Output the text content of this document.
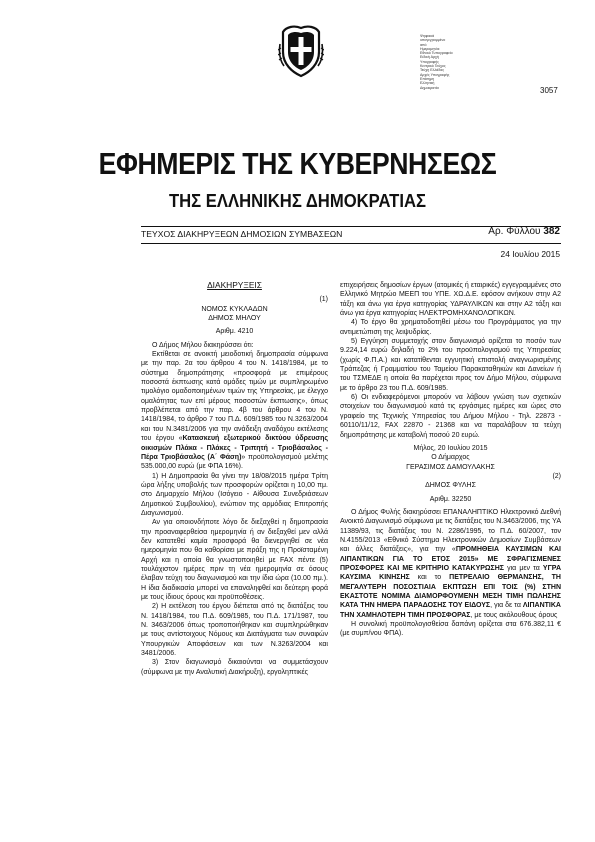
Ψηφιακά
υπογεγραμμένο
από
Ημερομηνία:
Εθνικό Τυπογραφείο
Ειδική Αρχή
Υπογραφής
Κεντρικό Τεύχος
Τεύχη Ελλάδας
Αρχές Υπογραφής
Επίσημη
Ελληνική
Δημοκρατία	3057
ΕΦΗΜΕΡΙΣ ΤΗΣ ΚΥΒΕΡΝΗΣΕΩΣ
ΤΗΣ ΕΛΛΗΝΙΚΗΣ ΔΗΜΟΚΡΑΤΙΑΣ
ΤΕΥΧΟΣ ΔΙΑΚΗΡΥΞΕΩΝ ΔΗΜΟΣΙΩΝ ΣΥΜΒΑΣΕΩΝ	Αρ. Φύλλου 382
24 Ιουλίου 2015

ΔΙΑΚΗΡΥΞΕΙΣ

(1)

ΝΟΜΟΣ ΚΥΚΛΑΔΩΝ

ΔΗΜΟΣ ΜΗΛΟΥ

Αριθμ. 4210

Ο Δήμος Μήλου διακηρύσσει ότι:

Εκτίθεται σε ανοικτή μειοδοτική δημοπρασία σύμφωνα με την παρ. 2α του άρθρου 4 του Ν. 1418/1984, με το σύστημα δημοπράτησης «προσφορά με επιμέρους ποσοστά έκπτωσης κατά ομάδες τιμών με συμπληρωμένο τιμολόγιο ομαδοποιημένων τιμών της Υπηρεσίας, με έλεγχο ομαλότητας των επί μέρους ποσοστών έκπτωσης», όπως προβλέπεται από την παρ. 4β του άρθρου 4 του Ν. 1418/1984, το άρθρο 7 του Π.Δ. 609/1985 του Ν.3263/2004 και του Ν.3481/2006 για την ανάδειξη αναδόχου εκτέλεσης του έργου «Κατασκευή εξωτερικού δικτύου ύδρευσης οικισμών Πλάκα - Πλάκες - Τριπητή - Τριοβάσαλος - Πέρα Τριοβάσαλος (Α΄ Φάση)» προϋπολογισμού μελέτης 535.000,00 ευρώ (με ΦΠΑ 16%).

1) Η Δημοπρασία θα γίνει την 18/08/2015 ημέρα Τρίτη ώρα λήξης υποβολής των προσφορών ορίζεται η 10,00 πμ. στο Δημαρχείο Μήλου (Ισόγειο - Αίθουσα Συνεδριάσεων Δημοτικού Συμβουλίου), ενώπιον της αρμόδιας Επιτροπής Διαγωνισμού.

Αν για οποιονδήποτε λόγο δε διεξαχθεί η δημοπρασία την προαναφερθείσα ημερομηνία ή αν διεξαχθεί μεν αλλά δεν κατατεθεί καμία προσφορά θα διενεργηθεί σε νέα ημερομηνία που θα καθορίσει με πράξη της η Προϊσταμένη Αρχή και η οποία θα γνωστοποιηθεί με FAX πέντε (5) τουλάχιστον ημέρες πριν τη νέα ημερομηνία σε όσους έλαβαν τεύχη του διαγωνισμού και την ίδια ώρα (10.00 πμ.). Η ίδια διαδικασία μπορεί να επαναληφθεί και δεύτερη φορά με τους ίδιους όρους και προϋποθέσεις.

2) Η εκτέλεση του έργου διέπεται από τις διατάξεις του Ν. 1418/1984, του Π.Δ. 609/1985, του Π.Δ. 171/1987, του Ν. 3463/2006 όπως τροποποιήθηκαν και συμπληρώθηκαν με τους αντίστοιχους Νόμους και Διατάγματα των συναφών Υπουργικών Αποφάσεων και των Ν.3263/2004 και 3481/2006.

3) Στον διαγωνισμό δικαιούνται να συμμετάσχουν (σύμφωνα με την Αναλυτική Διακήρυξη), εργοληπτικές

επιχειρήσεις δημοσίων έργων (ατομικές ή εταιρικές) εγγεγραμμένες στο Ελληνικό Μητρώο ΜΕΕΠ του ΥΠΕ. ΧΩ.Δ.Ε. εφόσον ανήκουν στην Α2 τάξη και άνω για έργα κατηγορίας ΥΔΡΑΥΛΙΚΩΝ και στην Α2 τάξη και άνω για έργα κατηγορίας ΗΛΕΚΤΡΟΜΗΧΑΝΟΛΟΓΙΚΩΝ.

4) Το έργο θα χρηματοδοτηθεί μέσω του Προγράμματος για την αντιμετώπιση της λειψυδρίας.

5) Εγγύηση συμμετοχής στον διαγωνισμό ορίζεται το ποσόν των 9.224,14 ευρώ δηλαδή το 2% του προϋπολογισμού της Υπηρεσίας (χωρίς Φ.Π.Α.) και κατατίθενται εγγυητική επιστολή αναγνωρισμένης Τράπεζας ή Γραμματίου του Ταμείου Παρακαταθηκών και Δανείων ή του ΤΣΜΕΔΕ η οποία θα παρέχεται προς τον Δήμο Μήλου, σύμφωνα με το άρθρο 23 του Π.Δ. 609/1985.

6) Οι ενδιαφερόμενοι μπορούν να λάβουν γνώση των σχετικών στοιχείων του διαγωνισμού κατά τις εργάσιμες ημέρες και ώρες στο γραφείο της Τεχνικής Υπηρεσίας του Δήμου Μήλου - Τηλ. 22873 - 60110/11/12, FAX 22870 - 21368 και να παραλάβουν τα τεύχη δημοπράτησης με καταβολή ποσού 20 ευρώ.

Μήλος, 20 Ιουλίου 2015

Ο Δήμαρχος

ΓΕΡΑΣΙΜΟΣ ΔΑΜΟΥΛΑΚΗΣ

(2)

ΔΗΜΟΣ ΦΥΛΗΣ

Αριθμ. 32250

Ο Δήμος Φυλής διακηρύσσει ΕΠΑΝΑΛΗΠΤΙΚΟ Ηλεκτρονικό Διεθνή Ανοικτό Διαγωνισμό σύμφωνα με τις διατάξεις του Ν.3463/2006, της ΥΑ 11389/93, τις διατάξεις του Ν. 2286/1995, το Π.Δ. 60/2007, τον Ν.4155/2013 «Εθνικό Σύστημα Ηλεκτρονικών Δημοσίων Συμβάσεων και άλλες διατάξεις», για την «ΠΡΟΜΗΘΕΙΑ ΚΑΥΣΙΜΩΝ ΚΑΙ ΛΙΠΑΝΤΙΚΩΝ ΓΙΑ ΤΟ ΕΤΟΣ 2015» ΜΕ ΣΦΡΑΓΙΣΜΕΝΕΣ ΠΡΟΣΦΟΡΕΣ ΚΑΙ ΜΕ ΚΡΙΤΗΡΙΟ ΚΑΤΑΚΥΡΩΣΗΣ για μεν τα ΥΓΡΑ ΚΑΥΣΙΜΑ ΚΙΝΗΣΗΣ και το ΠΕΤΡΕΛΑΙΟ ΘΕΡΜΑΝΣΗΣ, ΤΗ ΜΕΓΑΛΥΤΕΡΗ ΠΟΣΟΣΤΙΑΙΑ ΕΚΠΤΩΣΗ ΕΠΙ ΤΟΙΣ (%) ΣΤΗΝ ΕΚΑΣΤΟΤΕ ΝΟΜΙΜΑ ΔΙΑΜΟΡΦΟΥΜΕΝΗ ΜΕΣΗ ΤΙΜΗ ΠΩΛΗΣΗΣ ΚΑΤΑ ΤΗΝ ΗΜΕΡΑ ΠΑΡΑΔΟΣΗΣ ΤΟΥ ΕΙΔΟΥΣ, για δε τα ΛΙΠΑΝΤΙΚΑ ΤΗΝ ΧΑΜΗΛΟΤΕΡΗ ΤΙΜΗ ΠΡΟΣΦΟΡΑΣ, με τους ακόλουθους όρους

Η συνολική προϋπολογισθείσα δαπάνη ορίζεται στα 676.382,11 € (με συμπ/νου ΦΠΑ).
